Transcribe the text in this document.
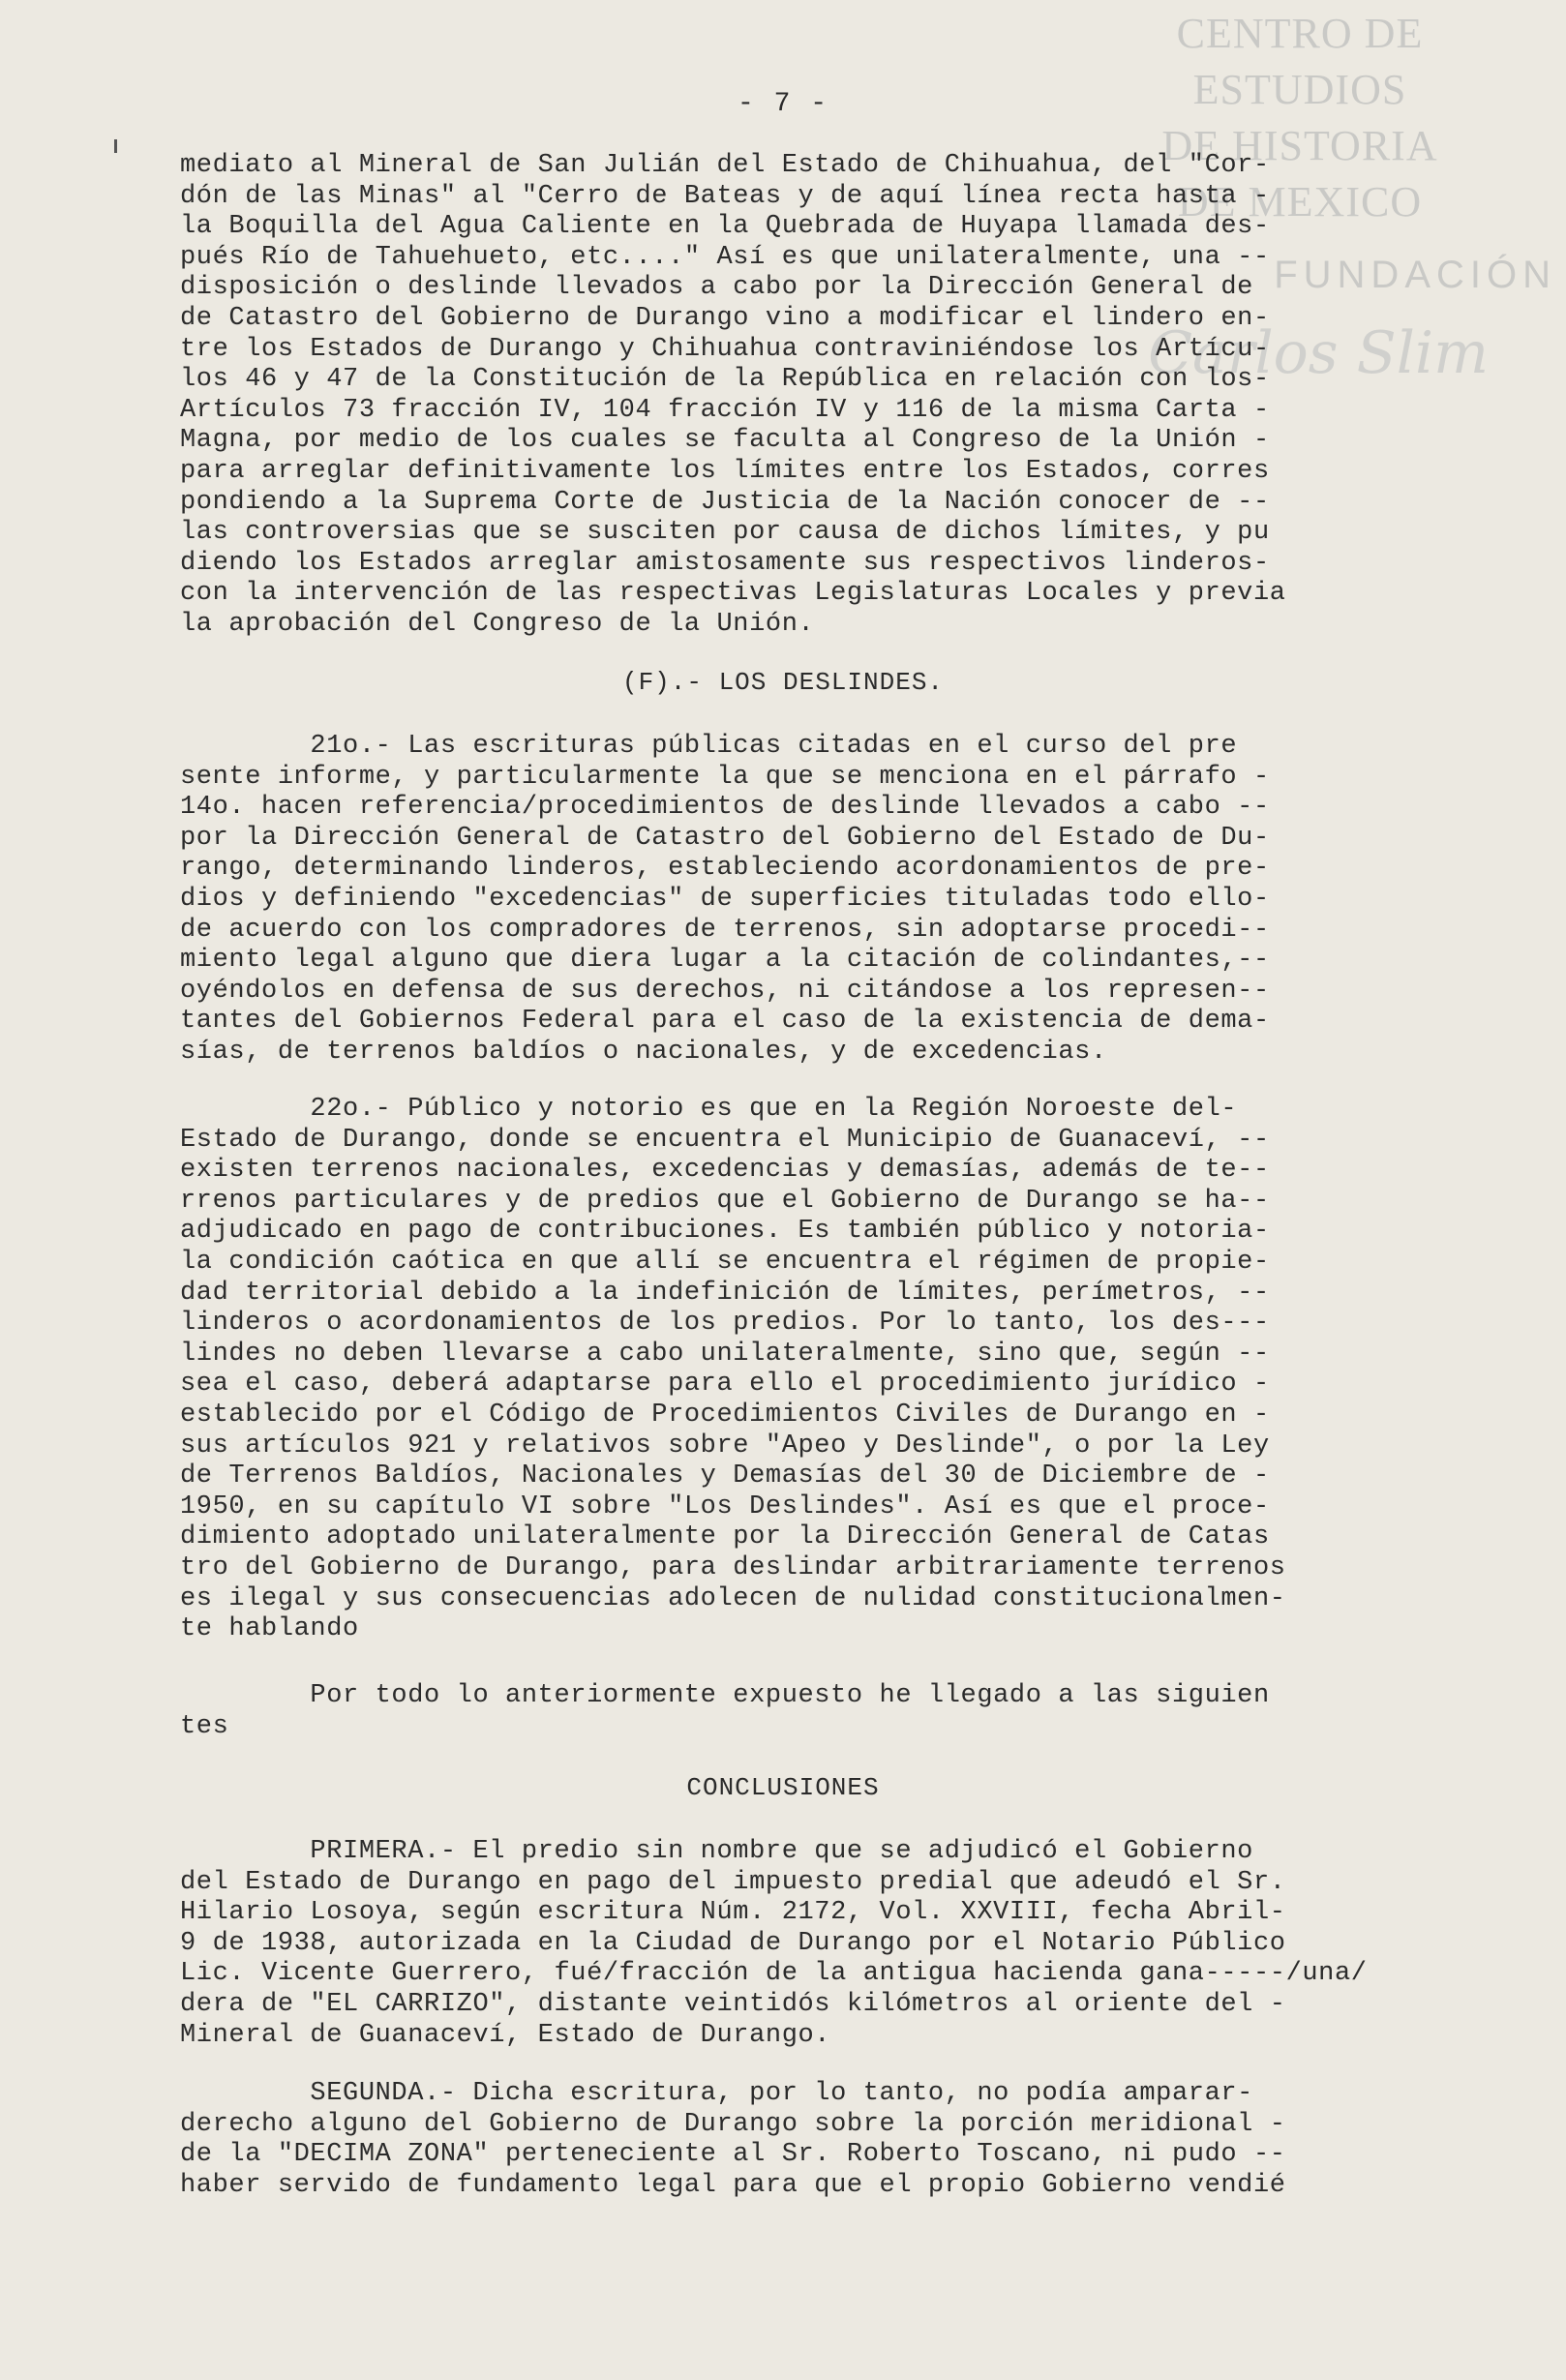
CENTRO DE
ESTUDIOS
DE HISTORIA
DE MEXICO
FUNDACIÓN
Carlos Slim
- 7 -
mediato al Mineral de San Julián del Estado de Chihuahua, del "Cor-
dón de las Minas" al "Cerro de Bateas y de aquí línea recta hasta -
la Boquilla del Agua Caliente en la Quebrada de Huyapa llamada des-
pués Río de Tahuehueto, etc...." Así es que unilateralmente, una --
disposición o deslinde llevados a cabo por la Dirección General de
de Catastro del Gobierno de Durango vino a modificar el lindero en-
tre los Estados de Durango y Chihuahua contraviniéndose los Artícu-
los 46 y 47 de la Constitución de la República en relación con los-
Artículos 73 fracción IV, 104 fracción IV y 116 de la misma Carta -
Magna, por medio de los cuales se faculta al Congreso de la Unión -
para arreglar definitivamente los límites entre los Estados, corres
pondiendo a la Suprema Corte de Justicia de la Nación conocer de --
las controversias que se susciten por causa de dichos límites, y pu
diendo los Estados arreglar amistosamente sus respectivos linderos-
con la intervención de las respectivas Legislaturas Locales y previa
la aprobación del Congreso de la Unión.
(F).- LOS DESLINDES.
21o.- Las escrituras públicas citadas en el curso del pre
sente informe, y particularmente la que se menciona en el párrafo -
14o. hacen referencia/procedimientos de deslinde llevados a cabo --
por la Dirección General de Catastro del Gobierno del Estado de Du-
rango, determinando linderos, estableciendo acordonamientos de pre-
dios y definiendo "excedencias" de superficies tituladas todo ello-
de acuerdo con los compradores de terrenos, sin adoptarse procedi--
miento legal alguno que diera lugar a la citación de colindantes,--
oyéndolos en defensa de sus derechos, ni citándose a los represen--
tantes del Gobiernos Federal para el caso de la existencia de dema-
sías, de terrenos baldíos o nacionales, y de excedencias.
22o.- Público y notorio es que en la Región Noroeste del-
Estado de Durango, donde se encuentra el Municipio de Guanaceví, --
existen terrenos nacionales, excedencias y demasías, además de te--
rrenos particulares y de predios que el Gobierno de Durango se ha--
adjudicado en pago de contribuciones. Es también público y notoria-
la condición caótica en que allí se encuentra el régimen de propie-
dad territorial debido a la indefinición de límites, perímetros, --
linderos o acordonamientos de los predios. Por lo tanto, los des---
lindes no deben llevarse a cabo unilateralmente, sino que, según --
sea el caso, deberá adaptarse para ello el procedimiento jurídico -
establecido por el Código de Procedimientos Civiles de Durango en -
sus artículos 921 y relativos sobre "Apeo y Deslinde", o por la Ley
de Terrenos Baldíos, Nacionales y Demasías del 30 de Diciembre de -
1950, en su capítulo VI sobre "Los Deslindes". Así es que el proce-
dimiento adoptado unilateralmente por la Dirección General de Catas
tro del Gobierno de Durango, para deslindar arbitrariamente terrenos
es ilegal y sus consecuencias adolecen de nulidad constitucionalmen-
te hablando
Por todo lo anteriormente expuesto he llegado a las siguien
tes
CONCLUSIONES
PRIMERA.- El predio sin nombre que se adjudicó el Gobierno
del Estado de Durango en pago del impuesto predial que adeudó el Sr.
Hilario Losoya, según escritura Núm. 2172, Vol. XXVIII, fecha Abril-
9 de 1938, autorizada en la Ciudad de Durango por el Notario Público
Lic. Vicente Guerrero, fué/fracción de la antigua hacienda gana-----/una/
dera de "EL CARRIZO", distante veintidós kilómetros al oriente del -
Mineral de Guanaceví, Estado de Durango.
SEGUNDA.- Dicha escritura, por lo tanto, no podía amparar-
derecho alguno del Gobierno de Durango sobre la porción meridional -
de la "DECIMA ZONA" perteneciente al Sr. Roberto Toscano, ni pudo --
haber servido de fundamento legal para que el propio Gobierno vendié
